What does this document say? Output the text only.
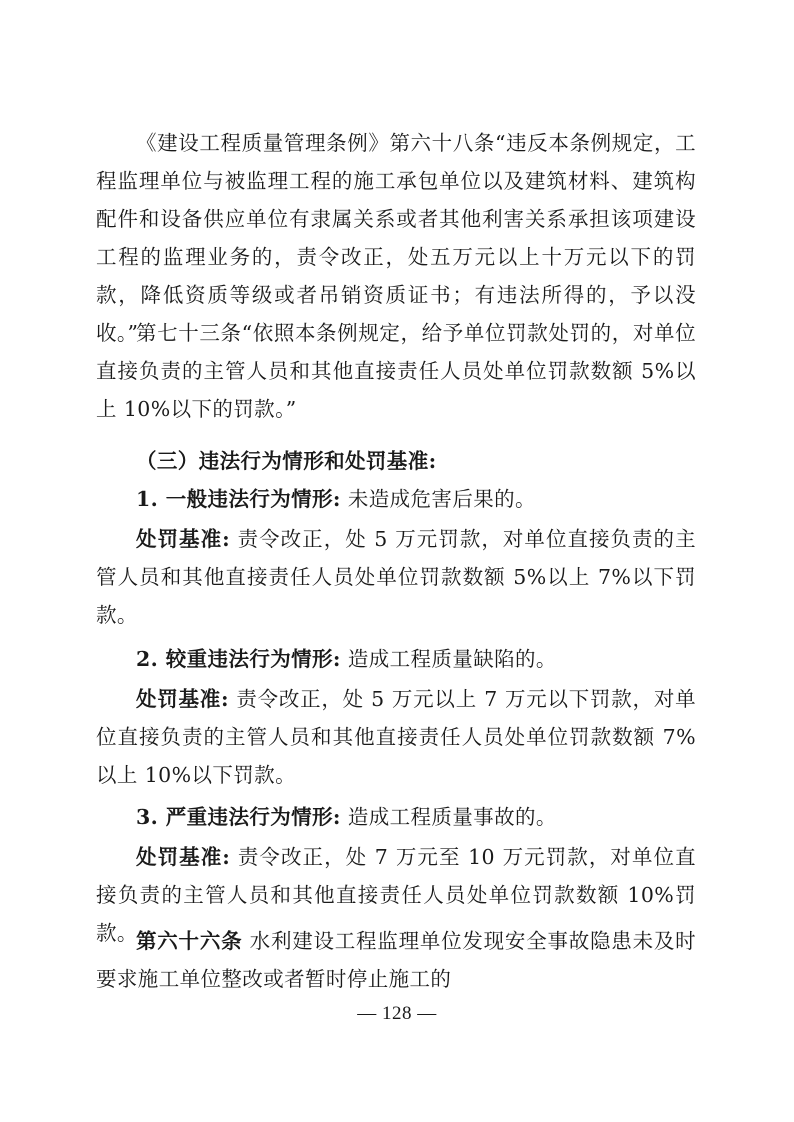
《建设工程质量管理条例》第六十八条“违反本条例规定，工程监理单位与被监理工程的施工承包单位以及建筑材料、建筑构配件和设备供应单位有隶属关系或者其他利害关系承担该项建设工程的监理业务的，责令改正，处五万元以上十万元以下的罚款，降低资质等级或者吊销资质证书；有违法所得的，予以没收。”

第七十三条“依照本条例规定，给予单位罚款处罚的，对单位直接负责的主管人员和其他直接责任人员处单位罚款数额 5%以上 10%以下的罚款。”

（三）违法行为情形和处罚基准:

1. 一般违法行为情形: 未造成危害后果的。

处罚基准: 责令改正，处 5 万元罚款，对单位直接负责的主管人员和其他直接责任人员处单位罚款数额 5%以上 7%以下罚款。

2. 较重违法行为情形: 造成工程质量缺陷的。

处罚基准: 责令改正，处 5 万元以上 7 万元以下罚款，对单位直接负责的主管人员和其他直接责任人员处单位罚款数额 7%以上 10%以下罚款。

3. 严重违法行为情形: 造成工程质量事故的。

处罚基准: 责令改正，处 7 万元至 10 万元罚款，对单位直接负责的主管人员和其他直接责任人员处单位罚款数额 10%罚款。

第六十六条 水利建设工程监理单位发现安全事故隐患未及时要求施工单位整改或者暂时停止施工的

— 128 —
